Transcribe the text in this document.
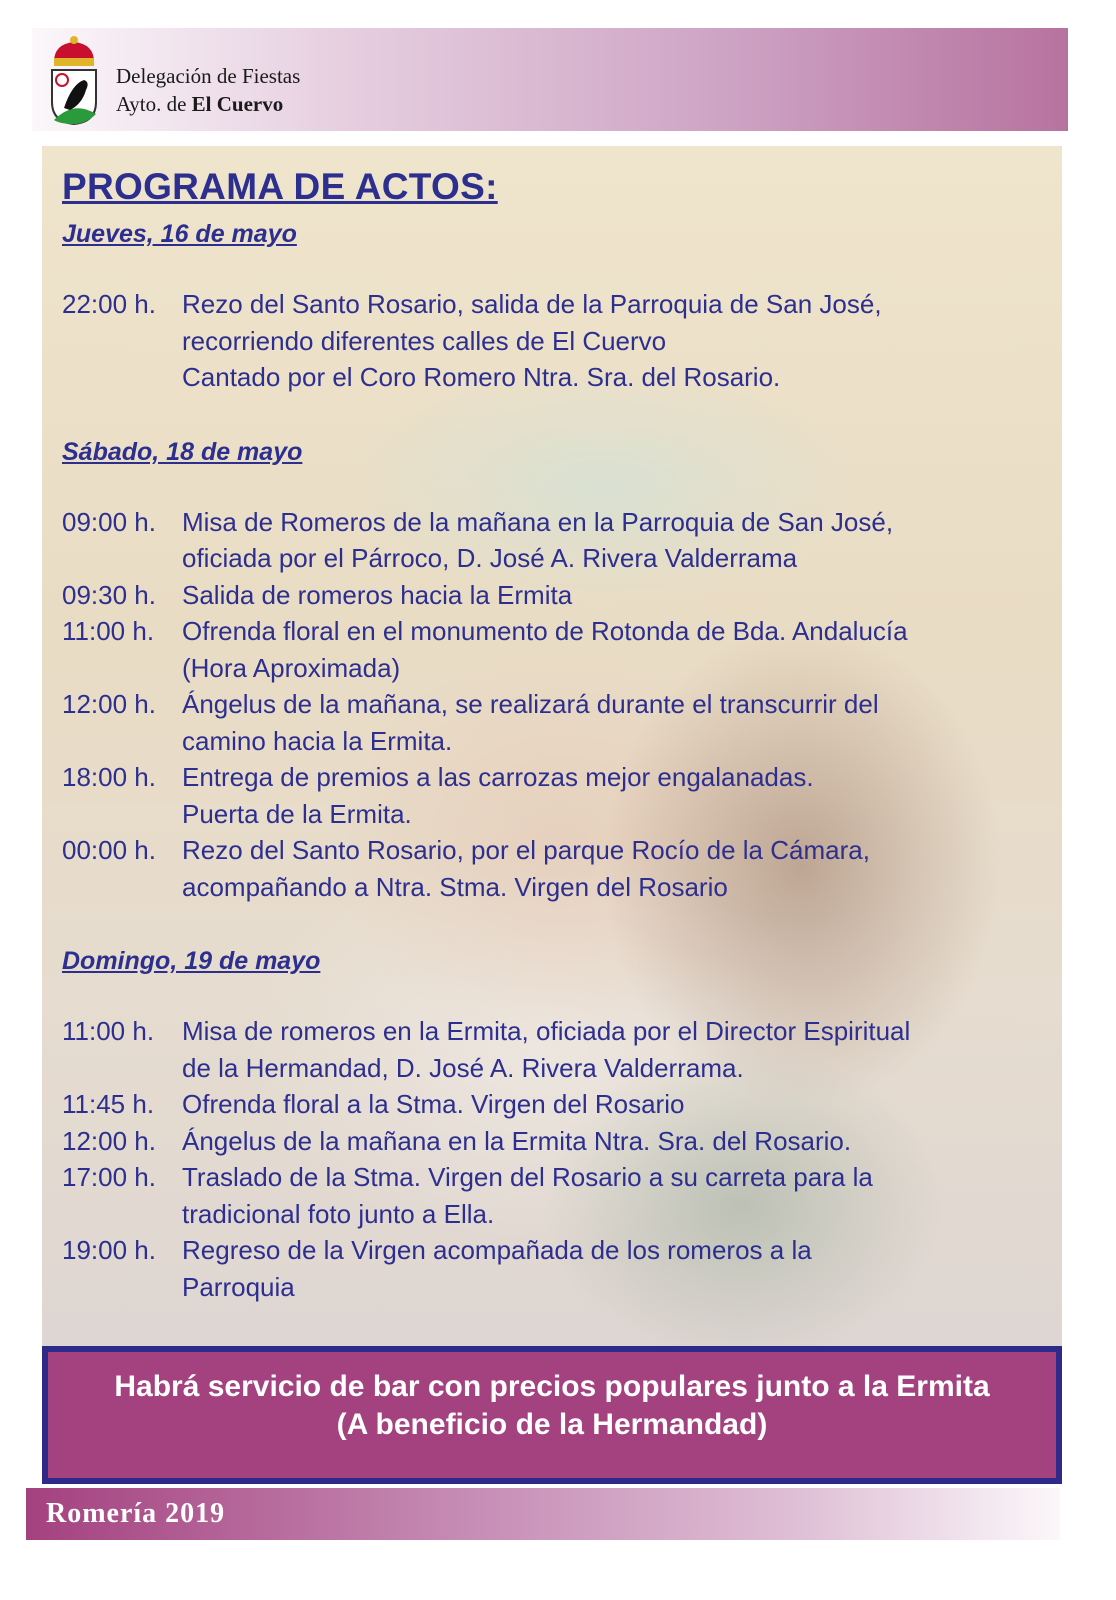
Delegación de Fiestas
Ayto. de El Cuervo
PROGRAMA DE ACTOS:
Jueves, 16 de mayo
22:00 h.	Rezo del Santo Rosario, salida de la Parroquia de San José,
recorriendo diferentes calles de El Cuervo
Cantado por el Coro Romero Ntra. Sra. del Rosario.
Sábado, 18 de mayo
09:00 h.	Misa de Romeros de la mañana en la Parroquia de San José,
oficiada por el Párroco, D. José A. Rivera Valderrama
09:30 h.	Salida de romeros hacia la Ermita
11:00 h.	Ofrenda floral en el monumento de Rotonda de Bda. Andalucía
(Hora Aproximada)
12:00 h.	Ángelus de la mañana, se realizará durante el transcurrir del
camino hacia la Ermita.
18:00 h.	Entrega de premios a las carrozas mejor engalanadas.
Puerta de la Ermita.
00:00 h.	Rezo del Santo Rosario, por el parque Rocío de la Cámara,
acompañando a Ntra. Stma. Virgen del Rosario
Domingo, 19 de mayo
11:00 h.	Misa de romeros en la Ermita, oficiada por el Director Espiritual
de la Hermandad, D. José A. Rivera Valderrama.
11:45 h.	Ofrenda floral a la Stma. Virgen del Rosario
12:00 h.	Ángelus de la mañana en la Ermita Ntra. Sra. del Rosario.
17:00 h.	Traslado de la Stma. Virgen del Rosario a su carreta para la
tradicional foto junto a Ella.
19:00 h.	Regreso de la Virgen acompañada de los romeros a la
Parroquia
Habrá servicio de bar con precios populares junto a la Ermita
(A beneficio de la Hermandad)
Romería 2019
